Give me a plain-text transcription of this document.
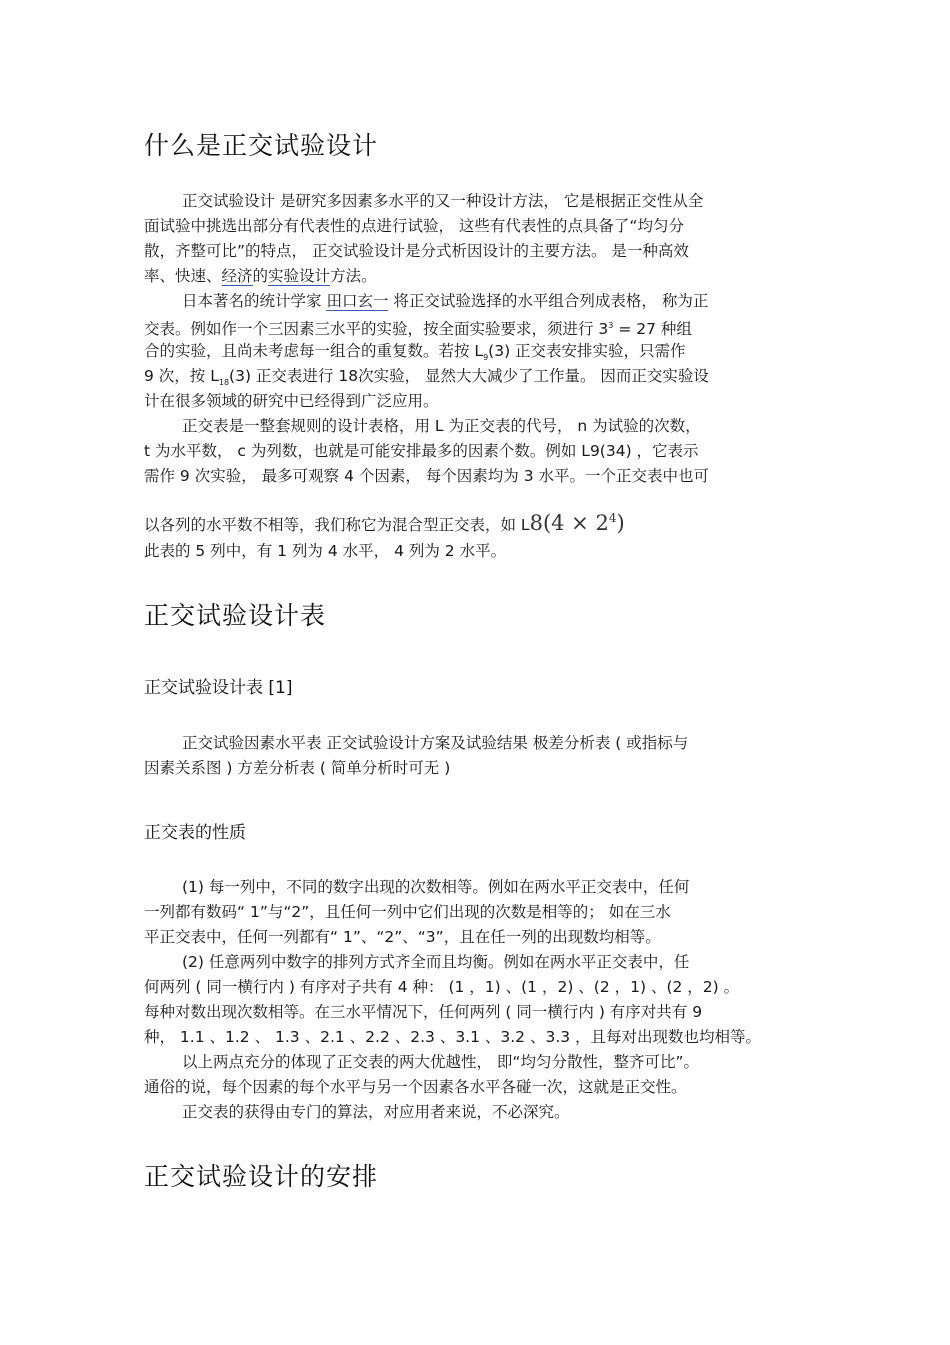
什么是正交试验设计
正交试验设计 是研究多因素多水平的又一种设计方法， 它是根据正交性从全
面试验中挑选出部分有代表性的点进行试验， 这些有代表性的点具备了“均匀分
散，齐整可比”的特点， 正交试验设计是分式析因设计的主要方法。 是一种高效
率、快速、经济的实验设计方法。
日本著名的统计学家 田口玄一 将正交试验选择的水平组合列成表格， 称为正
交表。例如作一个三因素三水平的实验，按全面实验要求，须进行 $3^3 = 27$ 种组
合的实验，且尚未考虑每一组合的重复数。若按 $L_9(3)$ 正交表安排实验，只需作
9 次，按 $L_{18}(3)$ 正交表进行 18次实验， 显然大大减少了工作量。 因而正交实验设
计在很多领域的研究中已经得到广泛应用。
正交表是一整套规则的设计表格，用 L 为正交表的代号， n 为试验的次数，
t 为水平数， c 为列数，也就是可能安排最多的因素个数。例如 L9(34) ，它表示
需作 9 次实验， 最多可观察 4 个因素， 每个因素均为 3 水平。一个正交表中也可
以各列的水平数不相等，我们称它为混合型正交表，如 $L8(4 \times 2^4)$
此表的 5 列中，有 1 列为 4 水平， 4 列为 2 水平。
正交试验设计表
正交试验设计表 [1]
正交试验因素水平表 正交试验设计方案及试验结果 极差分析表 ( 或指标与
因素关系图 ) 方差分析表 ( 简单分析时可无 )
正交表的性质
(1) 每一列中，不同的数字出现的次数相等。例如在两水平正交表中，任何
一列都有数码“ 1”与“2”，且任何一列中它们出现的次数是相等的； 如在三水
平正交表中，任何一列都有“ 1”、“2”、“3”，且在任一列的出现数均相等。
(2) 任意两列中数字的排列方式齐全而且均衡。例如在两水平正交表中，任
何两列 ( 同一横行内 ) 有序对子共有 4 种： (1 ，1) 、(1 ，2) 、(2 ，1) 、(2 ，2) 。
每种对数出现次数相等。在三水平情况下，任何两列 ( 同一横行内 ) 有序对共有 9
种， 1.1 、1.2 、 1.3 、2.1 、2.2 、2.3 、3.1 、3.2 、3.3 ，且每对出现数也均相等。
以上两点充分的体现了正交表的两大优越性， 即“均匀分散性，整齐可比”。
通俗的说，每个因素的每个水平与另一个因素各水平各碰一次，这就是正交性。
正交表的获得由专门的算法，对应用者来说，不必深究。
正交试验设计的安排
